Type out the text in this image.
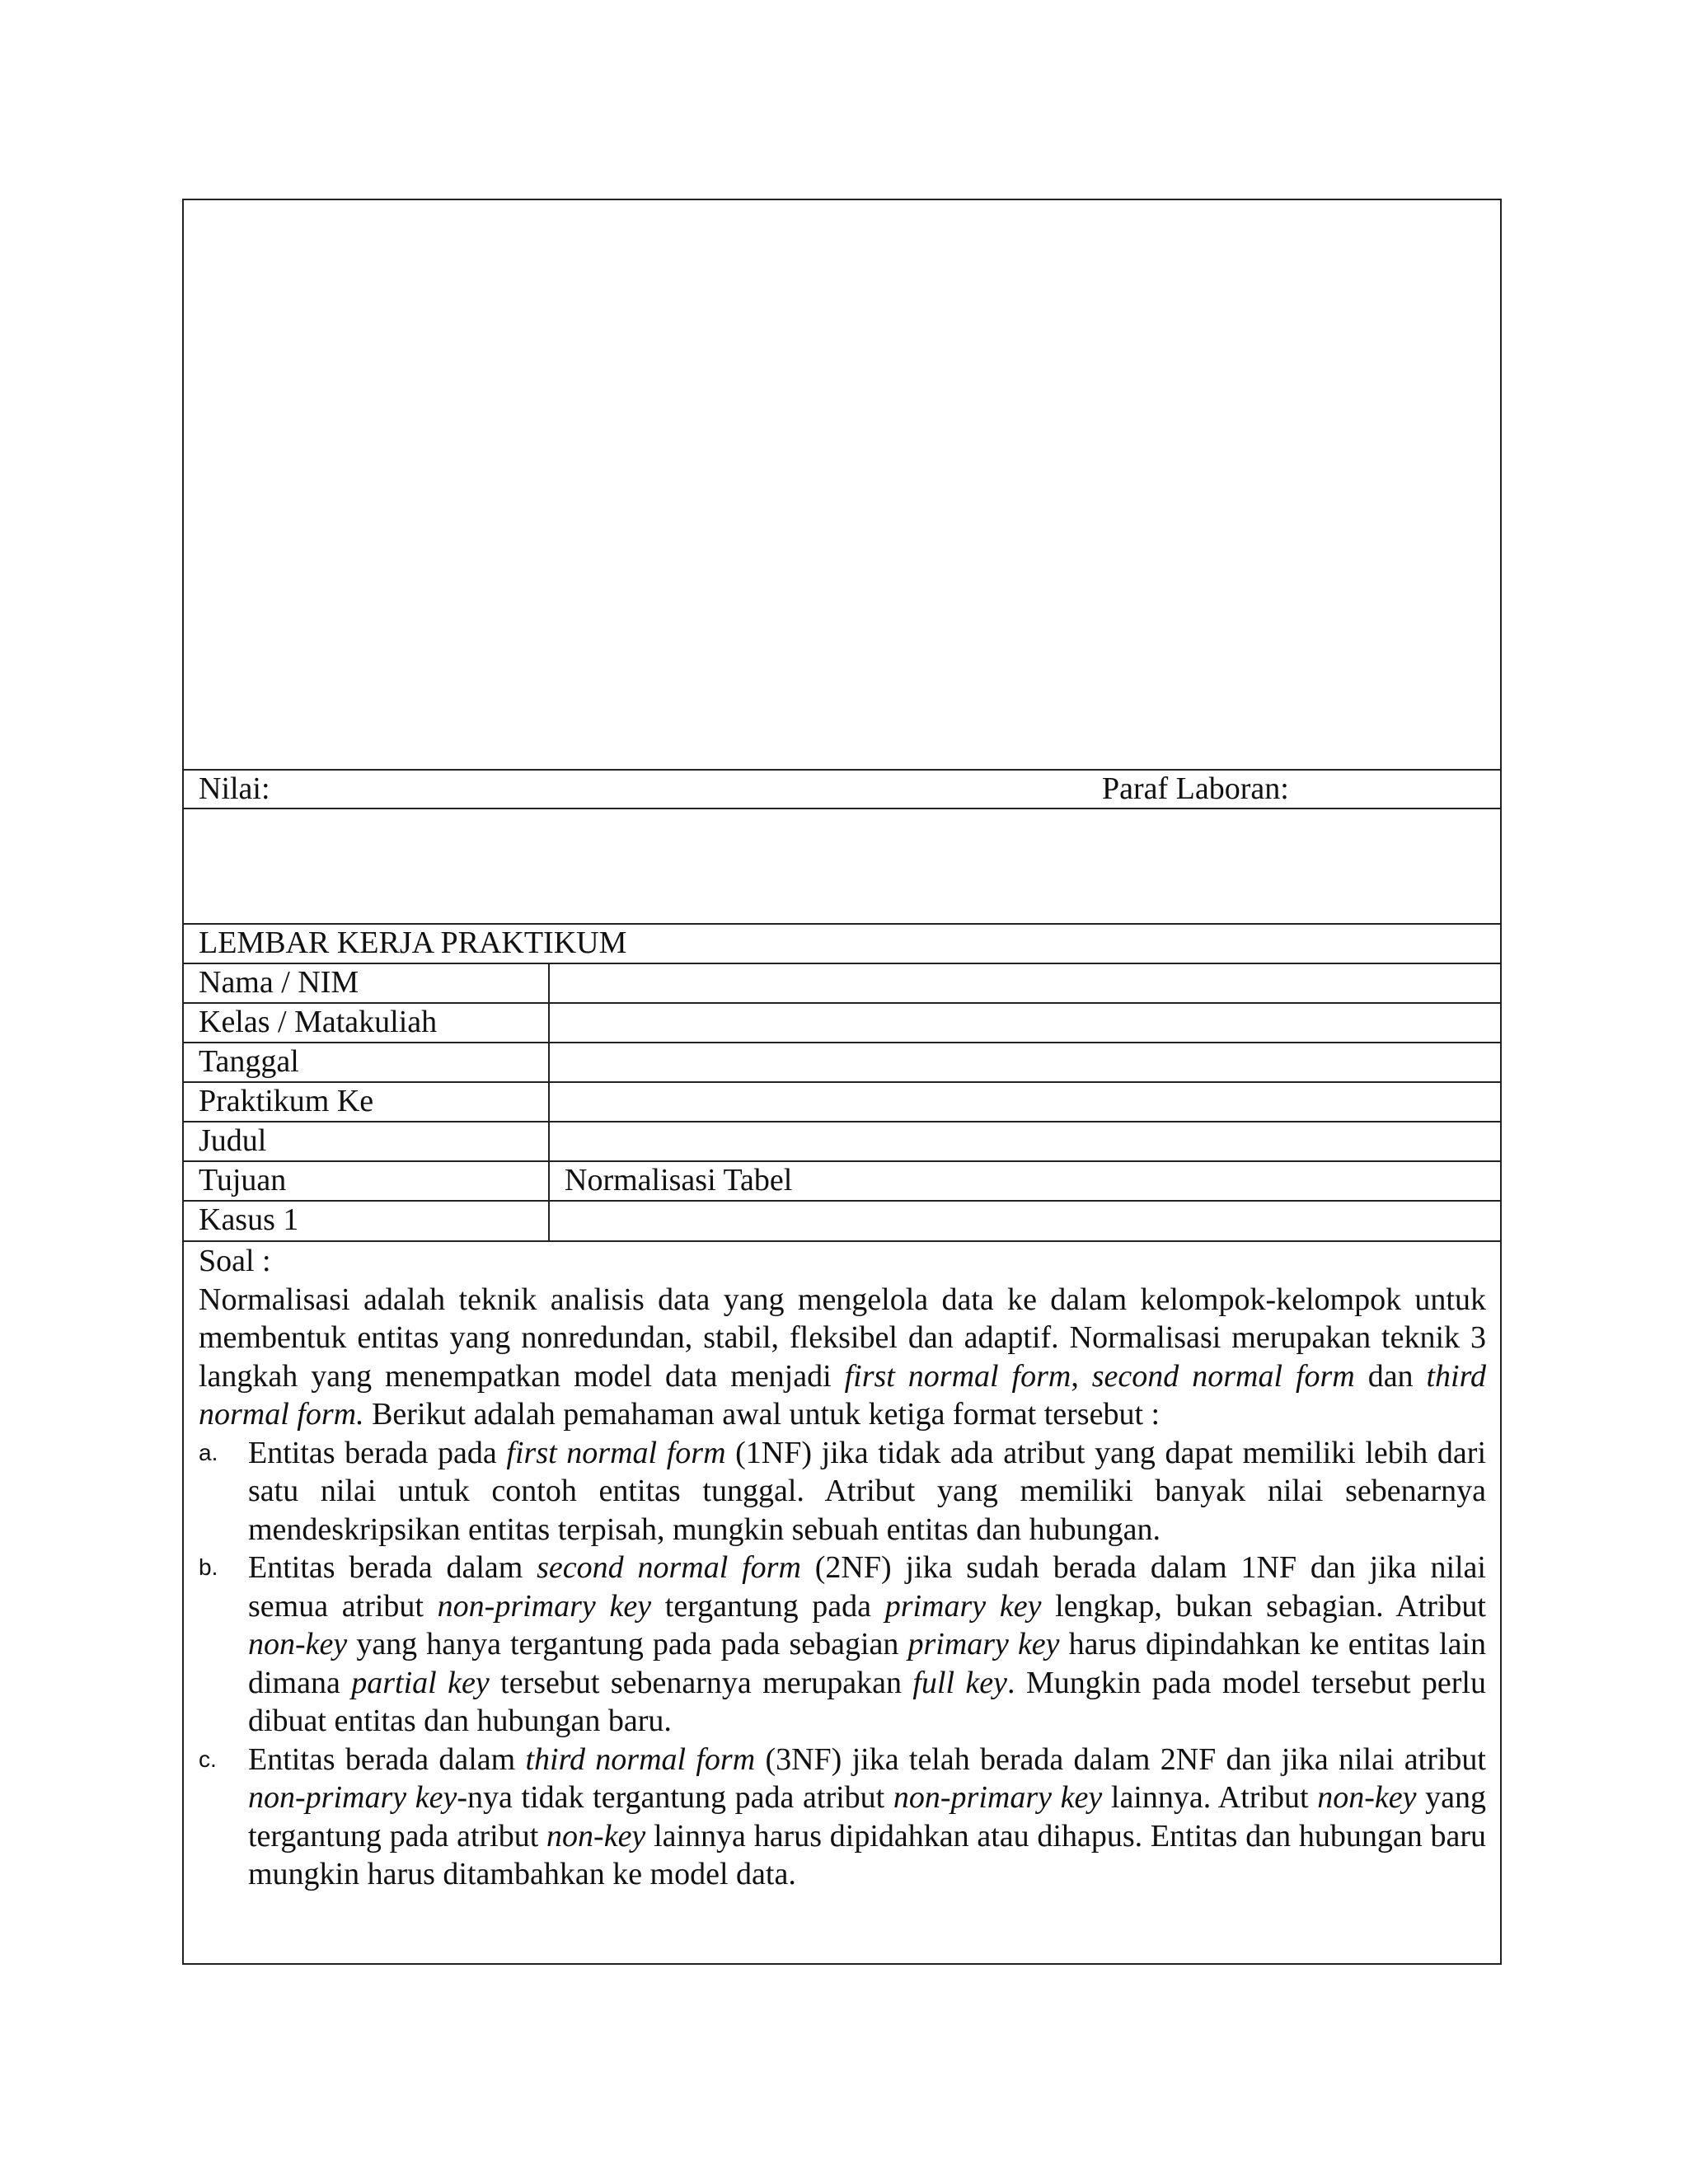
Nilai:	Paraf Laboran:
LEMBAR KERJA PRAKTIKUM
Nama / NIM
Kelas / Matakuliah
Tanggal
Praktikum Ke
Judul
Tujuan	Normalisasi Tabel
Kasus 1
Soal :

Normalisasi adalah teknik analisis data yang mengelola data ke dalam kelompok-kelompok untuk membentuk entitas yang nonredundan, stabil, fleksibel dan adaptif. Normalisasi merupakan teknik 3 langkah yang menempatkan model data menjadi first normal form, second normal form dan third normal form. Berikut adalah pemahaman awal untuk ketiga format tersebut :

a. Entitas berada pada first normal form (1NF) jika tidak ada atribut yang dapat memiliki lebih dari satu nilai untuk contoh entitas tunggal. Atribut yang memiliki banyak nilai sebenarnya mendeskripsikan entitas terpisah, mungkin sebuah entitas dan hubungan.
b. Entitas berada dalam second normal form (2NF) jika sudah berada dalam 1NF dan jika nilai semua atribut non-primary key tergantung pada primary key lengkap, bukan sebagian. Atribut non-key yang hanya tergantung pada pada sebagian primary key harus dipindahkan ke entitas lain dimana partial key tersebut sebenarnya merupakan full key. Mungkin pada model tersebut perlu dibuat entitas dan hubungan baru.
c. Entitas berada dalam third normal form (3NF) jika telah berada dalam 2NF dan jika nilai atribut non-primary key-nya tidak tergantung pada atribut non-primary key lainnya. Atribut non-key yang tergantung pada atribut non-key lainnya harus dipidahkan atau dihapus. Entitas dan hubungan baru mungkin harus ditambahkan ke model data.
